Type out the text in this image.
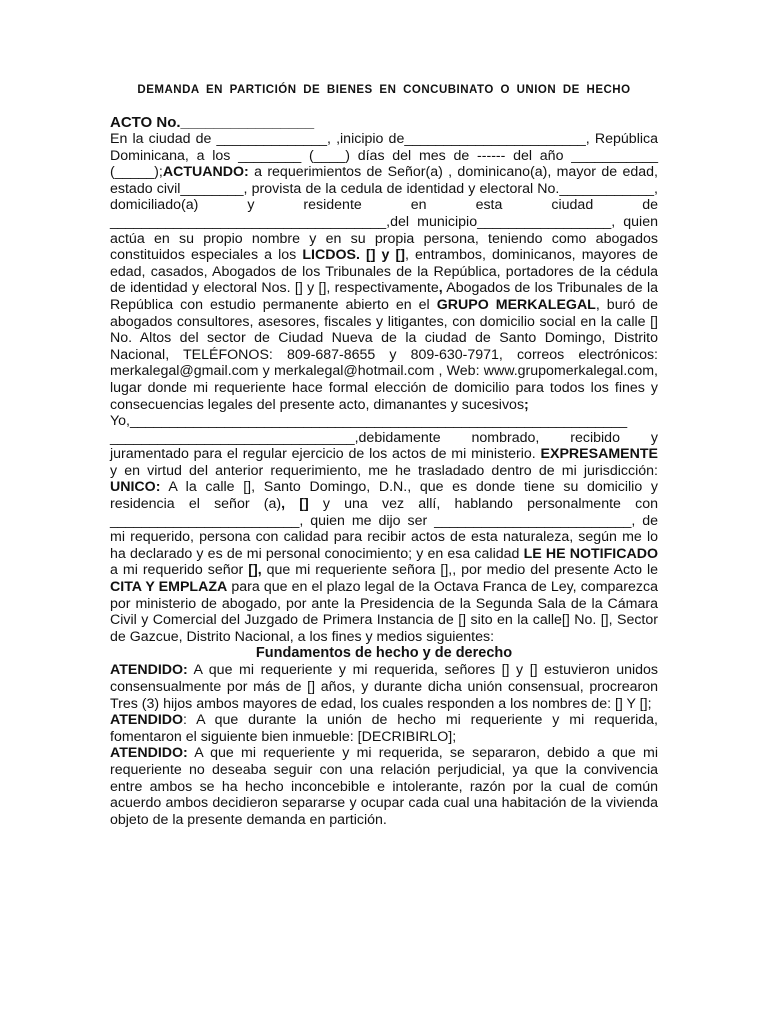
DEMANDA EN PARTICIÓN DE BIENES EN CONCUBINATO O UNION DE HECHO
ACTO No.________________

En la ciudad de ______________, ,inicipio de_______________________, República Dominicana, a los ________ (____) días del mes de ------ del año ___________ (_____);ACTUANDO: a requerimientos de Señor(a) , dominicano(a), mayor de edad, estado civil________, provista de la cedula de identidad y electoral No.____________, domiciliado(a) y residente en esta ciudad de ___________________________________,del municipio_________________, quien actúa en su propio nombre y en su propia persona, teniendo como abogados constituidos especiales a los LICDOS. [] y [], entrambos, dominicanos, mayores de edad, casados, Abogados de los Tribunales de la República, portadores de la cédula de identidad y electoral Nos. [] y [], respectivamente, Abogados de los Tribunales de la República con estudio permanente abierto en el GRUPO MERKALEGAL, buró de abogados consultores, asesores, fiscales y litigantes, con domicilio social en la calle [] No. Altos del sector de Ciudad Nueva de la ciudad de Santo Domingo, Distrito Nacional, TELÉFONOS: 809-687-8655 y 809-630-7971, correos electrónicos: merkalegal@gmail.com y merkalegal@hotmail.com , Web: www.grupomerkalegal.com, lugar donde mi requeriente hace formal elección de domicilio para todos los fines y consecuencias legales del presente acto, dimanantes y sucesivos;

Yo,_______________________________________________________________ _______________________________,debidamente nombrado, recibido y juramentado para el regular ejercicio de los actos de mi ministerio. EXPRESAMENTE y en virtud del anterior requerimiento, me he trasladado dentro de mi jurisdicción: UNICO: A la calle [], Santo Domingo, D.N., que es donde tiene su domicilio y residencia el señor (a), [] y una vez allí, hablando personalmente con ________________________, quien me dijo ser _________________________, de mi requerido, persona con calidad para recibir actos de esta naturaleza, según me lo ha declarado y es de mi personal conocimiento; y en esa calidad LE HE NOTIFICADO a mi requerido señor [], que mi requeriente señora [],, por medio del presente Acto le CITA Y EMPLAZA para que en el plazo legal de la Octava Franca de Ley, comparezca por ministerio de abogado, por ante la Presidencia de la Segunda Sala de la Cámara Civil y Comercial del Juzgado de Primera Instancia de [] sito en la calle[] No. [], Sector de Gazcue, Distrito Nacional, a los fines y medios siguientes:

Fundamentos de hecho y de derecho

ATENDIDO: A que mi requeriente y mi requerida, señores [] y [] estuvieron unidos consensualmente por más de [] años, y durante dicha unión consensual, procrearon Tres (3) hijos ambos mayores de edad, los cuales responden a los nombres de: [] Y [];

ATENDIDO: A que durante la unión de hecho mi requeriente y mi requerida, fomentaron el siguiente bien inmueble: [DECRIBIRLO];

ATENDIDO: A que mi requeriente y mi requerida, se separaron, debido a que mi requeriente no deseaba seguir con una relación perjudicial, ya que la convivencia entre ambos se ha hecho inconcebible e intolerante, razón por la cual de común acuerdo ambos decidieron separarse y ocupar cada cual una habitación de la vivienda objeto de la presente demanda en partición.
